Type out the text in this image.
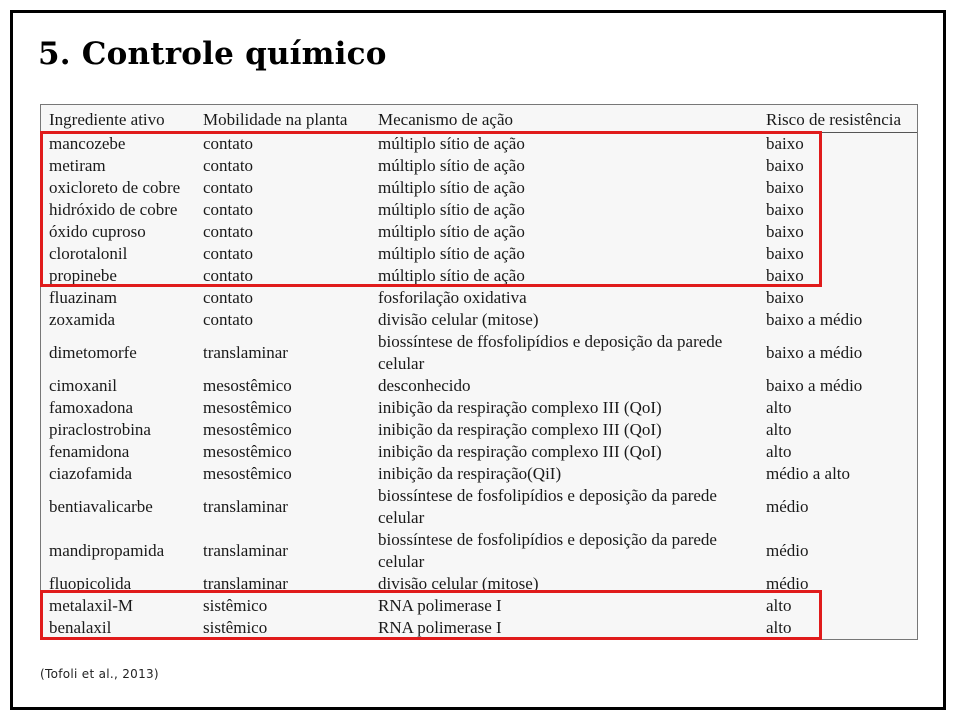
5. Controle químico
Ingrediente ativo	Mobilidade na planta	Mecanismo de ação	Risco de resistência
mancozebe	contato	múltiplo sítio de ação	baixo
metiram	contato	múltiplo sítio de ação	baixo
oxicloreto de cobre	contato	múltiplo sítio de ação	baixo
hidróxido de cobre	contato	múltiplo sítio de ação	baixo
óxido cuproso	contato	múltiplo sítio de ação	baixo
clorotalonil	contato	múltiplo sítio de ação	baixo
propinebe	contato	múltiplo sítio de ação	baixo
fluazinam	contato	fosforilação oxidativa	baixo
zoxamida	contato	divisão celular (mitose)	baixo a médio
dimetomorfe	translaminar	biossíntese de ffosfolipídios e deposição da parede celular	baixo a médio
cimoxanil	mesostêmico	desconhecido	baixo a médio
famoxadona	mesostêmico	inibição da respiração complexo III (QoI)	alto
piraclostrobina	mesostêmico	inibição da respiração complexo III (QoI)	alto
fenamidona	mesostêmico	inibição da respiração complexo III (QoI)	alto
ciazofamida	mesostêmico	inibição da respiração(QiI)	médio a alto
bentiavalicarbe	translaminar	biossíntese de fosfolipídios e deposição da parede celular	médio
mandipropamida	translaminar	biossíntese de fosfolipídios e deposição da parede celular	médio
fluopicolida	translaminar	divisão celular (mitose)	médio
metalaxil-M	sistêmico	RNA polimerase I	alto
benalaxil	sistêmico	RNA polimerase I	alto
(Tofoli et al., 2013)
